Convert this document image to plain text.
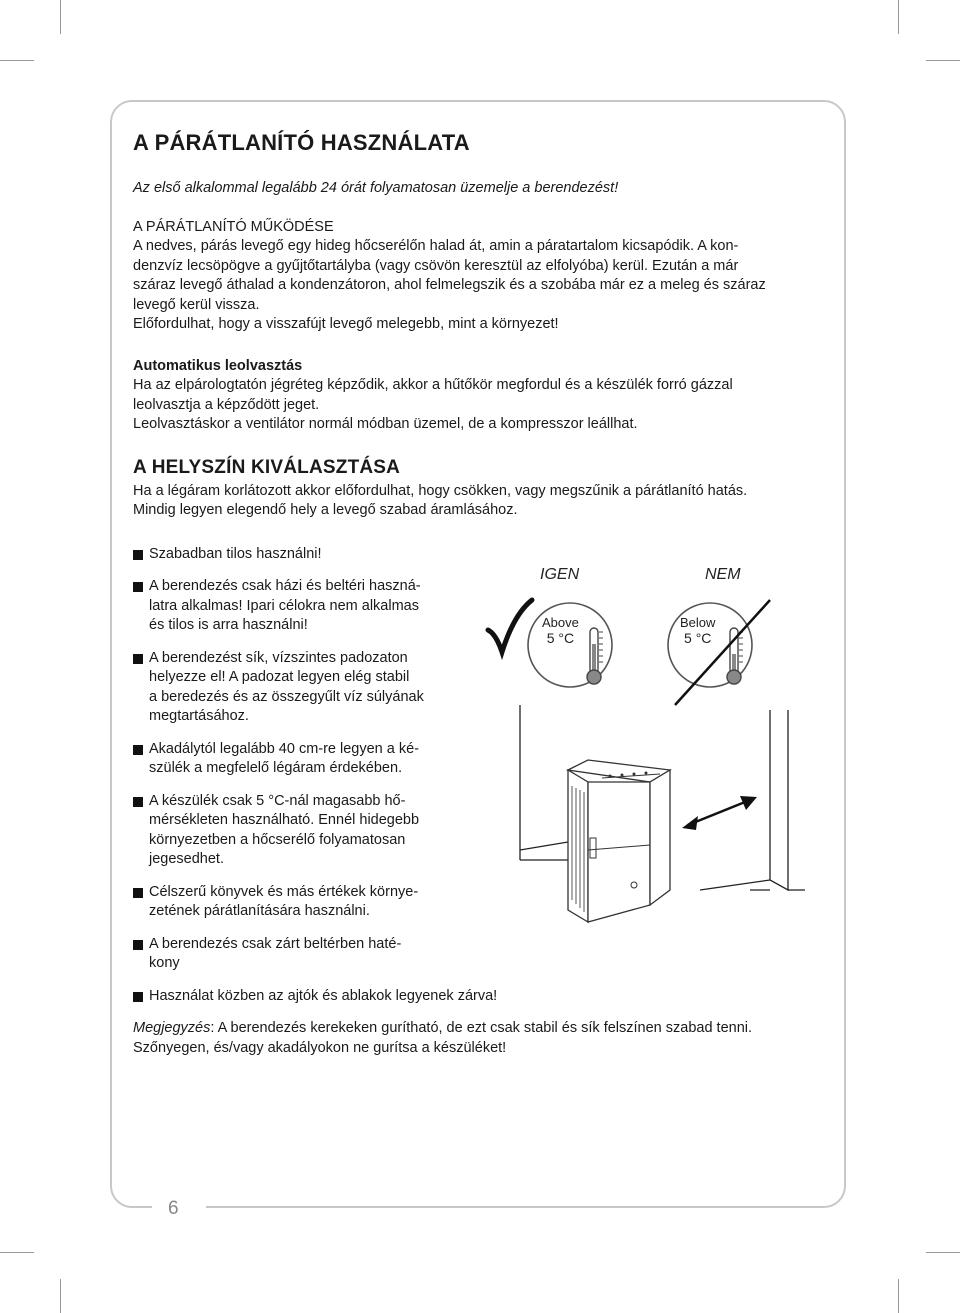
6
A PÁRÁTLANÍTÓ HASZNÁLATA

Az első alkalommal legalább 24 órát folyamatosan üzemelje a berendezést!

A PÁRÁTLANÍTÓ MŰKÖDÉSE

A nedves, párás levegő egy hideg hőcserélőn halad át, amin a páratartalom kicsapódik. A kon-

denzvíz lecsöpögve a gyűjtőtartályba (vagy csövön keresztül az elfolyóba) kerül. Ezután a már

száraz levegő áthalad a kondenzátoron, ahol felmelegszik és a szobába már ez a meleg és száraz

levegő kerül vissza.

Előfordulhat, hogy a visszafújt levegő melegebb, mint a környezet!

Automatikus leolvasztás

Ha az elpárologtatón jégréteg képződik, akkor a hűtőkör megfordul és a készülék forró gázzal

leolvasztja a képződött jeget.

Leolvasztáskor a ventilátor normál módban üzemel, de a kompresszor leállhat.

A HELYSZÍN KIVÁLASZTÁSA

Ha a légáram korlátozott akkor előfordulhat, hogy csökken, vagy megszűnik a párátlanító hatás.

Mindig legyen elegendő hely a levegő szabad áramlásához.

Szabadban tilos használni!
A berendezés csak házi és beltéri haszná-
latra alkalmas! Ipari célokra nem alkalmas
és tilos is arra használni!
A berendezést sík, vízszintes padozaton
helyezze el! A padozat legyen elég stabil
a beredezés és az összegyűlt víz súlyának
megtartásához.
Akadálytól legalább 40 cm-re legyen a ké-
szülék a megfelelő légáram érdekében.
A készülék csak 5 °C-nál magasabb hő-
mérsékleten használható. Ennél hidegebb
környezetben a hőcserélő folyamatosan
jegesedhet.
Célszerű könyvek és más értékek környe-
zetének párátlanítására használni.
A berendezés csak zárt beltérben haté-
kony
Használat közben az ajtók és ablakok legyenek zárva!

Megjegyzés: A berendezés kerekeken gurítható, de ezt csak stabil és sík felszínen szabad tenni.
Szőnyegen, és/vagy akadályokon ne gurítsa a készüléket!

IGEN	NEM
Above
5 °C
Below
5 °C
